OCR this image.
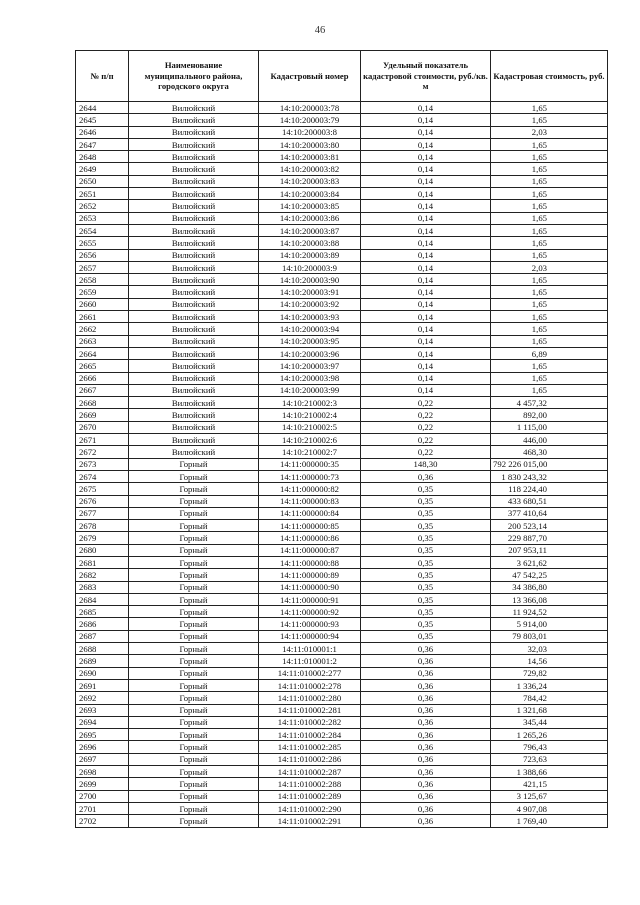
46
№ п/п	Наименование муниципального района, городского округа	Кадастровый номер	Удельный показатель кадастровой стоимости, руб./кв. м	Кадастровая стоимость, руб.
2644	Вилюйский	14:10:200003:78	0,14	1,65
2645	Вилюйский	14:10:200003:79	0,14	1,65
2646	Вилюйский	14:10:200003:8	0,14	2,03
2647	Вилюйский	14:10:200003:80	0,14	1,65
2648	Вилюйский	14:10:200003:81	0,14	1,65
2649	Вилюйский	14:10:200003:82	0,14	1,65
2650	Вилюйский	14:10:200003:83	0,14	1,65
2651	Вилюйский	14:10:200003:84	0,14	1,65
2652	Вилюйский	14:10:200003:85	0,14	1,65
2653	Вилюйский	14:10:200003:86	0,14	1,65
2654	Вилюйский	14:10:200003:87	0,14	1,65
2655	Вилюйский	14:10:200003:88	0,14	1,65
2656	Вилюйский	14:10:200003:89	0,14	1,65
2657	Вилюйский	14:10:200003:9	0,14	2,03
2658	Вилюйский	14:10:200003:90	0,14	1,65
2659	Вилюйский	14:10:200003:91	0,14	1,65
2660	Вилюйский	14:10:200003:92	0,14	1,65
2661	Вилюйский	14:10:200003:93	0,14	1,65
2662	Вилюйский	14:10:200003:94	0,14	1,65
2663	Вилюйский	14:10:200003:95	0,14	1,65
2664	Вилюйский	14:10:200003:96	0,14	6,89
2665	Вилюйский	14:10:200003:97	0,14	1,65
2666	Вилюйский	14:10:200003:98	0,14	1,65
2667	Вилюйский	14:10:200003:99	0,14	1,65
2668	Вилюйский	14:10:210002:3	0,22	4 457,32
2669	Вилюйский	14:10:210002:4	0,22	892,00
2670	Вилюйский	14:10:210002:5	0,22	1 115,00
2671	Вилюйский	14:10:210002:6	0,22	446,00
2672	Вилюйский	14:10:210002:7	0,22	468,30
2673	Горный	14:11:000000:35	148,30	792 226 015,00
2674	Горный	14:11:000000:73	0,36	1 830 243,32
2675	Горный	14:11:000000:82	0,35	118 224,40
2676	Горный	14:11:000000:83	0,35	433 680,51
2677	Горный	14:11:000000:84	0,35	377 410,64
2678	Горный	14:11:000000:85	0,35	200 523,14
2679	Горный	14:11:000000:86	0,35	229 887,70
2680	Горный	14:11:000000:87	0,35	207 953,11
2681	Горный	14:11:000000:88	0,35	3 621,62
2682	Горный	14:11:000000:89	0,35	47 542,25
2683	Горный	14:11:000000:90	0,35	34 386,80
2684	Горный	14:11:000000:91	0,35	13 366,08
2685	Горный	14:11:000000:92	0,35	11 924,52
2686	Горный	14:11:000000:93	0,35	5 914,00
2687	Горный	14:11:000000:94	0,35	79 803,01
2688	Горный	14:11:010001:1	0,36	32,03
2689	Горный	14:11:010001:2	0,36	14,56
2690	Горный	14:11:010002:277	0,36	729,82
2691	Горный	14:11:010002:278	0,36	1 336,24
2692	Горный	14:11:010002:280	0,36	784,42
2693	Горный	14:11:010002:281	0,36	1 321,68
2694	Горный	14:11:010002:282	0,36	345,44
2695	Горный	14:11:010002:284	0,36	1 265,26
2696	Горный	14:11:010002:285	0,36	796,43
2697	Горный	14:11:010002:286	0,36	723,63
2698	Горный	14:11:010002:287	0,36	1 388,66
2699	Горный	14:11:010002:288	0,36	421,15
2700	Горный	14:11:010002:289	0,36	3 125,67
2701	Горный	14:11:010002:290	0,36	4 907,08
2702	Горный	14:11:010002:291	0,36	1 769,40
